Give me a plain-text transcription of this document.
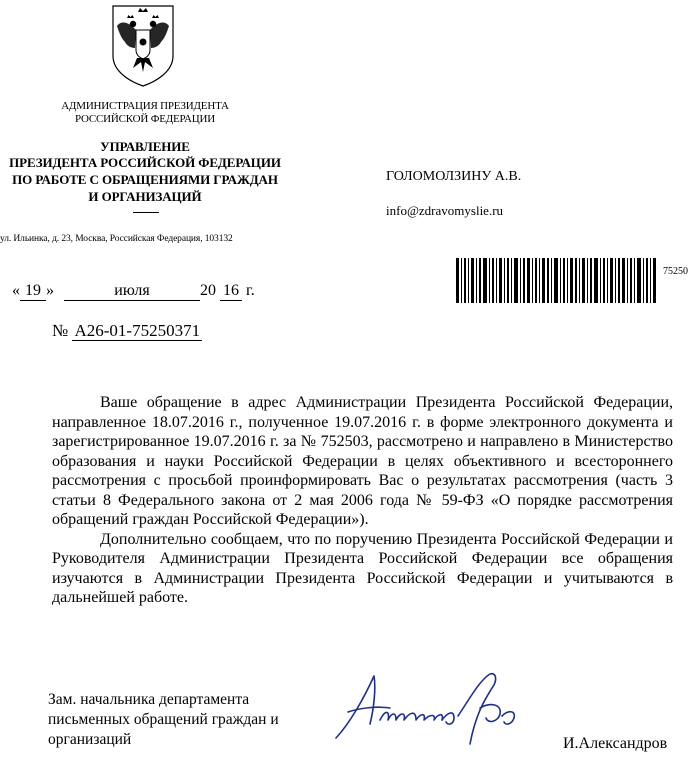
АДМИНИСТРАЦИЯ ПРЕЗИДЕНТА
РОССИЙСКОЙ ФЕДЕРАЦИИ
УПРАВЛЕНИЕ
ПРЕЗИДЕНТА РОССИЙСКОЙ ФЕДЕРАЦИИ
ПО РАБОТЕ С ОБРАЩЕНИЯМИ ГРАЖДАН
И ОРГАНИЗАЦИЙ
ул. Ильинка, д. 23, Москва, Российская Федерация, 103132
ГОЛОМОЛЗИНУ А.В.
info@zdravomyslie.ru
75250
« 19 »	июля	20 16 г.
№ А26-01-75250371

Ваше обращение в адрес Администрации Президента Российской Федерации, направленное 18.07.2016 г., полученное 19.07.2016 г. в форме электронного документа и зарегистрированное 19.07.2016 г. за № 752503, рассмотрено и направлено в Министерство образования и науки Российской Федерации в целях объективного и всестороннего рассмотрения с просьбой проинформировать Вас о результатах рассмотрения (часть 3 статьи 8 Федерального закона от 2 мая 2006 года № 59-ФЗ «О порядке рассмотрения обращений граждан Российской Федерации»).

Дополнительно сообщаем, что по поручению Президента Российской Федерации и Руководителя Администрации Президента Российской Федерации все обращения изучаются в Администрации Президента Российской Федерации и учитываются в дальнейшей работе.

Зам. начальника департамента
письменных обращений граждан и
организаций	И.Александров
